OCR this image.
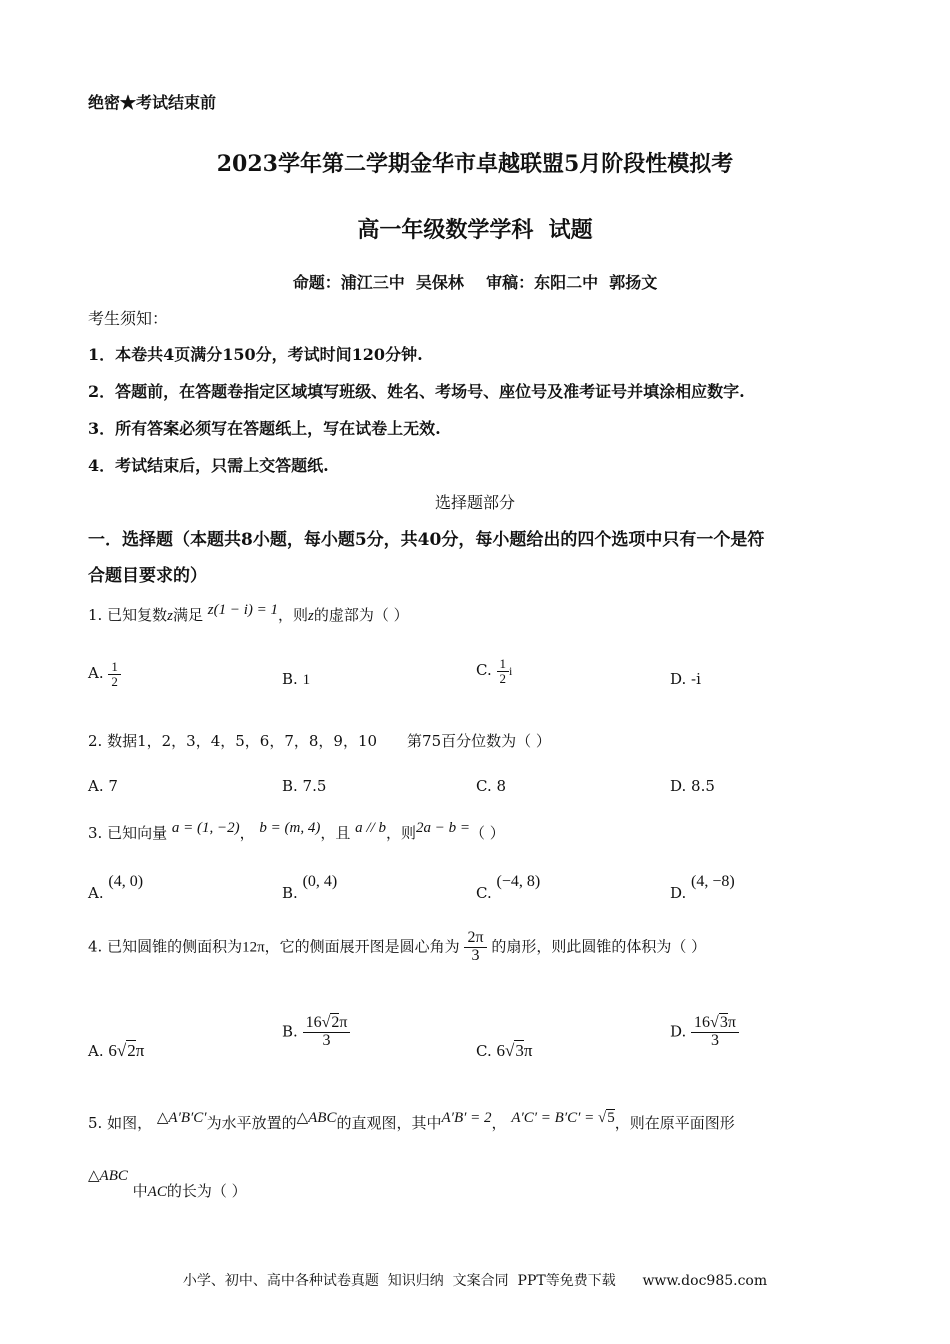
绝密★考试结束前
2023学年第二学期金华市卓越联盟5月阶段性模拟考
高一年级数学学科  试题
命题：浦江三中  吴保林    审稿：东阳二中  郭扬文
考生须知：
1．本卷共4页满分150分，考试时间120分钟.
2．答题前，在答题卷指定区域填写班级、姓名、考场号、座位号及准考证号并填涂相应数字.
3．所有答案必须写在答题纸上，写在试卷上无效.
4．考试结束后，只需上交答题纸.
选择题部分
一．选择题（本题共8小题，每小题5分，共40分，每小题给出的四个选项中只有一个是符
合题目要求的）
1. 已知复数z满足 z(1 − i) = 1，则z的虚部为（ ）
A. $\frac{1}{2}$	B. 1
C. $\frac{1}{2}$ i	D. -i
2. 数据1，2，3，4，5，6，7，8，9，10　　第75百分位数为（ ）
A. 7	B. 7.5	C. 8	D. 8.5
3. 已知向量 a = (1, −2)， b = (m, 4)，且 a // b，则2a − b =（ ）
A. (4, 0)
B. (0, 4)
C. (−4, 8)
D. (4, −8)
4. 已知圆锥的侧面积为12π，它的侧面展开图是圆心角为 $\frac{2\pi}{3}$ 的扇形，则此圆锥的体积为（ ）
A. 6√2π
B. $\frac{16√2\pi}{3}$
C. 6√3π
D. $\frac{16√3\pi}{3}$
5. 如图， △A′B′C′为水平放置的△ABC的直观图，其中A′B′ = 2， A′C′ = B′C′ = √5，则在原平面图形
△ABC 中AC的长为（ ）
小学、初中、高中各种试卷真题  知识归纳  文案合同  PPT等免费下载      www.doc985.com
